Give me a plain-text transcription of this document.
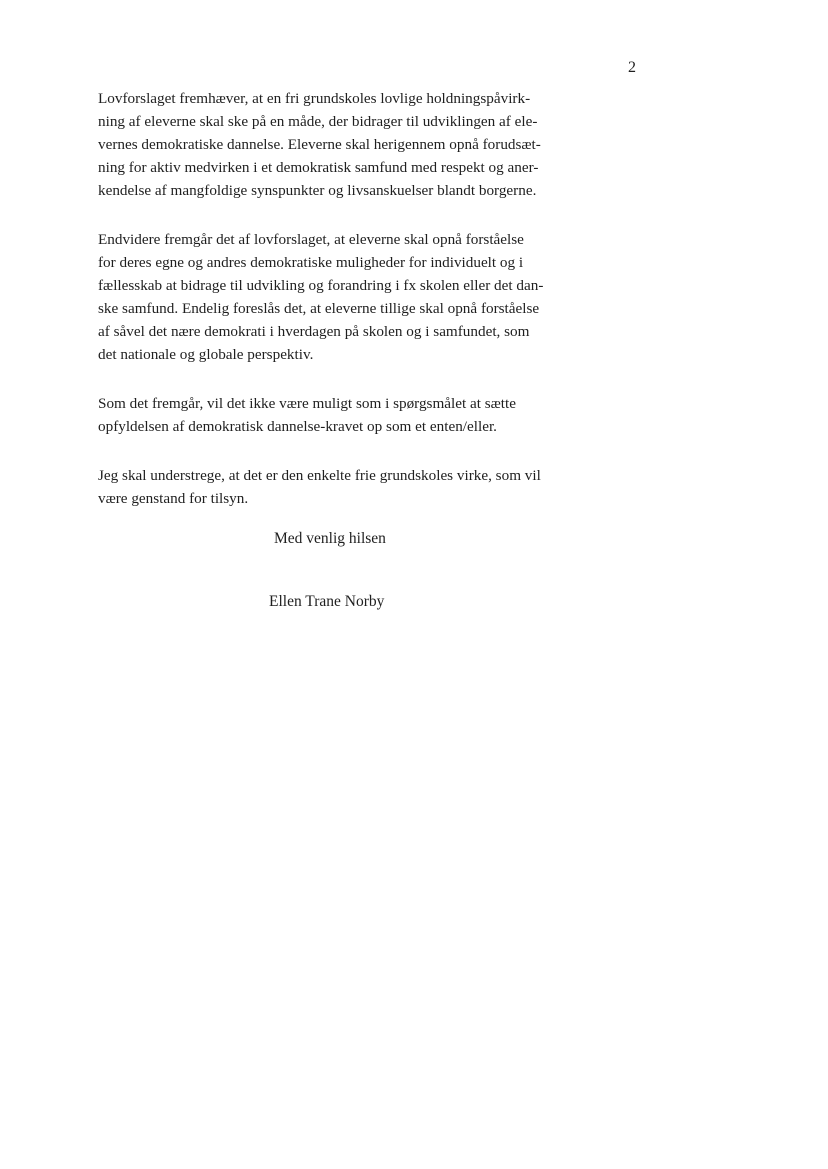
2

Lovforslaget fremhæver, at en fri grundskoles lovlige holdningspåvirk-
ning af eleverne skal ske på en måde, der bidrager til udviklingen af ele-
vernes demokratiske dannelse. Eleverne skal herigennem opnå forudsæt-
ning for aktiv medvirken i et demokratisk samfund med respekt og aner-
kendelse af mangfoldige synspunkter og livsanskuelser blandt borgerne.

Endvidere fremgår det af lovforslaget, at eleverne skal opnå forståelse
for deres egne og andres demokratiske muligheder for individuelt og i
fællesskab at bidrage til udvikling og forandring i fx skolen eller det dan-
ske samfund. Endelig foreslås det, at eleverne tillige skal opnå forståelse
af såvel det nære demokrati i hverdagen på skolen og i samfundet, som
det nationale og globale perspektiv.

Som det fremgår, vil det ikke være muligt som i spørgsmålet at sætte
opfyldelsen af demokratisk dannelse-kravet op som et enten/eller.

Jeg skal understrege, at det er den enkelte frie grundskoles virke, som vil
være genstand for tilsyn.

Med venlig hilsen
Ellen Trane Norby
